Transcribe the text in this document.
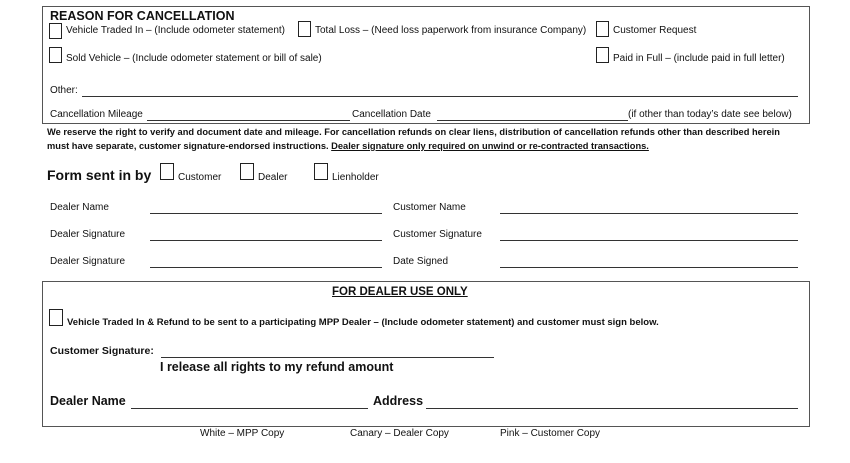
REASON FOR CANCELLATION
Vehicle Traded In – (Include odometer statement)	Total Loss – (Need loss paperwork from insurance Company)	Customer Request
Sold Vehicle – (Include odometer statement or bill of sale)	Paid in Full – (include paid in full letter)
Other:
Cancellation Mileage	Cancellation Date	(if other than today’s date see below)
We reserve the right to verify and document date and mileage. For cancellation refunds on clear liens, distribution of cancellation refunds other than described herein must have separate, customer signature-endorsed instructions. Dealer signature only required on unwind or re-contracted transactions.
Form sent in by	Customer	Dealer	Lienholder
Dealer Name	Customer Name
Dealer Signature	Customer Signature
Dealer Signature	Date Signed
FOR DEALER USE ONLY
Vehicle Traded In & Refund to be sent to a participating MPP Dealer – (Include odometer statement) and customer must sign below.
Customer Signature:
I release all rights to my refund amount
Dealer Name	Address
White – MPP Copy	Canary – Dealer Copy	Pink – Customer Copy
